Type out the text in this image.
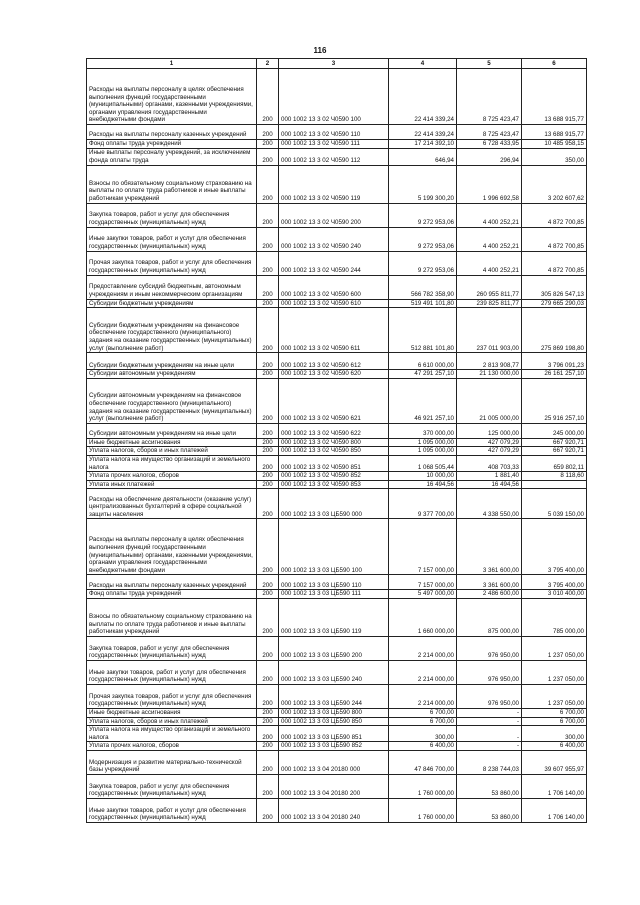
116
1	2	3	4	5	6
Расходы на выплаты персоналу в целях обеспечения выполнения функций государственными (муниципальными) органами, казенными учреждениями, органами управления государственными внебюджетными фондами	200	000 1002 13 3 02 Ч0590 100	22 414 339,24	8 725 423,47	13 688 915,77
Расходы на выплаты персоналу казенных учреждений	200	000 1002 13 3 02 Ч0590 110	22 414 339,24	8 725 423,47	13 688 915,77
Фонд оплаты труда учреждений	200	000 1002 13 3 02 Ч0590 111	17 214 392,10	6 728 433,95	10 485 958,15
Иные выплаты персоналу учреждений, за исключением фонда оплаты труда	200	000 1002 13 3 02 Ч0590 112	646,94	296,94	350,00
Взносы по обязательному социальному страхованию на выплаты по оплате труда работников и иные выплаты работникам учреждений	200	000 1002 13 3 02 Ч0590 119	5 199 300,20	1 996 692,58	3 202 607,62
Закупка товаров, работ и услуг для обеспечения государственных (муниципальных) нужд	200	000 1002 13 3 02 Ч0590 200	9 272 953,06	4 400 252,21	4 872 700,85
Иные закупки товаров, работ и услуг для обеспечения государственных (муниципальных) нужд	200	000 1002 13 3 02 Ч0590 240	9 272 953,06	4 400 252,21	4 872 700,85
Прочая закупка товаров, работ и услуг для обеспечения государственных (муниципальных) нужд	200	000 1002 13 3 02 Ч0590 244	9 272 953,06	4 400 252,21	4 872 700,85
Предоставление субсидий бюджетным, автономным учреждениям и иным некоммерческим организациям	200	000 1002 13 3 02 Ч0590 600	566 782 358,90	260 955 811,77	305 826 547,13
Субсидии бюджетным учреждениям	200	000 1002 13 3 02 Ч0590 610	519 491 101,80	239 825 811,77	279 665 290,03
Субсидии бюджетным учреждениям на финансовое обеспечение государственного (муниципального) задания на оказание государственных (муниципальных) услуг (выполнение работ)	200	000 1002 13 3 02 Ч0590 611	512 881 101,80	237 011 903,00	275 869 198,80
Субсидии бюджетным учреждениям на иные цели	200	000 1002 13 3 02 Ч0590 612	6 610 000,00	2 813 908,77	3 796 091,23
Субсидии автономным учреждениям	200	000 1002 13 3 02 Ч0590 620	47 291 257,10	21 130 000,00	26 161 257,10
Субсидии автономным учреждениям на финансовое обеспечение государственного (муниципального) задания на оказание государственных (муниципальных) услуг (выполнение работ)	200	000 1002 13 3 02 Ч0590 621	46 921 257,10	21 005 000,00	25 916 257,10
Субсидии автономным учреждениям на иные цели	200	000 1002 13 3 02 Ч0590 622	370 000,00	125 000,00	245 000,00
Иные бюджетные ассигнования	200	000 1002 13 3 02 Ч0590 800	1 095 000,00	427 079,29	667 920,71
Уплата налогов, сборов и иных платежей	200	000 1002 13 3 02 Ч0590 850	1 095 000,00	427 079,29	667 920,71
Уплата налога на имущество организаций и земельного налога	200	000 1002 13 3 02 Ч0590 851	1 068 505,44	408 703,33	659 802,11
Уплата прочих налогов, сборов	200	000 1002 13 3 02 Ч0590 852	10 000,00	1 881,40	8 118,60
Уплата иных платежей	200	000 1002 13 3 02 Ч0590 853	16 494,56	16 494,56	
Расходы на обеспечение деятельности (оказание услуг) централизованных бухгалтерий в сфере социальной защиты населения	200	000 1002 13 3 03 ЦБ590 000	9 377 700,00	4 338 550,00	5 039 150,00
Расходы на выплаты персоналу в целях обеспечения выполнения функций государственными (муниципальными) органами, казенными учреждениями, органами управления государственными внебюджетными фондами	200	000 1002 13 3 03 ЦБ590 100	7 157 000,00	3 361 600,00	3 795 400,00
Расходы на выплаты персоналу казенных учреждений	200	000 1002 13 3 03 ЦБ590 110	7 157 000,00	3 361 600,00	3 795 400,00
Фонд оплаты труда учреждений	200	000 1002 13 3 03 ЦБ590 111	5 497 000,00	2 486 600,00	3 010 400,00
Взносы по обязательному социальному страхованию на выплаты по оплате труда работников и иные выплаты работникам учреждений	200	000 1002 13 3 03 ЦБ590 119	1 660 000,00	875 000,00	785 000,00
Закупка товаров, работ и услуг для обеспечения государственных (муниципальных) нужд	200	000 1002 13 3 03 ЦБ590 200	2 214 000,00	976 950,00	1 237 050,00
Иные закупки товаров, работ и услуг для обеспечения государственных (муниципальных) нужд	200	000 1002 13 3 03 ЦБ590 240	2 214 000,00	976 950,00	1 237 050,00
Прочая закупка товаров, работ и услуг для обеспечения государственных (муниципальных) нужд	200	000 1002 13 3 03 ЦБ590 244	2 214 000,00	976 950,00	1 237 050,00
Иные бюджетные ассигнования	200	000 1002 13 3 03 ЦБ590 800	6 700,00	-	6 700,00
Уплата налогов, сборов и иных платежей	200	000 1002 13 3 03 ЦБ590 850	6 700,00	-	6 700,00
Уплата налога на имущество организаций и земельного налога	200	000 1002 13 3 03 ЦБ590 851	300,00	-	300,00
Уплата прочих налогов, сборов	200	000 1002 13 3 03 ЦБ590 852	6 400,00	-	6 400,00
Модернизация и развитие материально-технической базы учреждений	200	000 1002 13 3 04 20180 000	47 846 700,00	8 238 744,03	39 607 955,97
Закупка товаров, работ и услуг для обеспечения государственных (муниципальных) нужд	200	000 1002 13 3 04 20180 200	1 760 000,00	53 860,00	1 706 140,00
Иные закупки товаров, работ и услуг для обеспечения государственных (муниципальных) нужд	200	000 1002 13 3 04 20180 240	1 760 000,00	53 860,00	1 706 140,00
